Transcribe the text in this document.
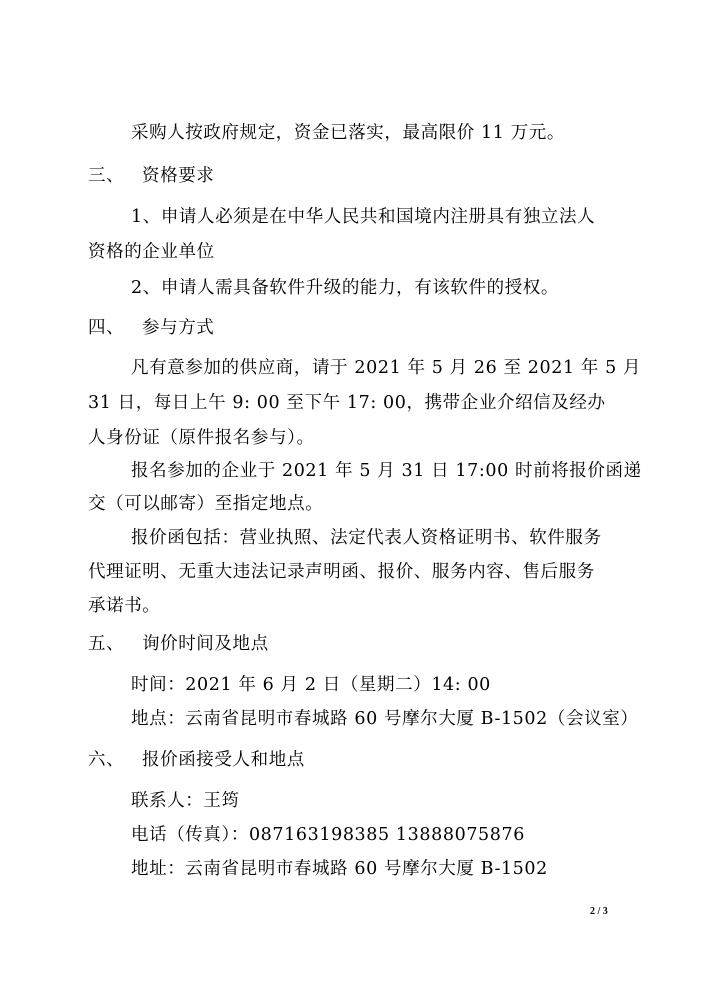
采购人按政府规定，资金已落实，最高限价 11 万元。
三、 资格要求
1、申请人必须是在中华人民共和国境内注册具有独立法人
资格的企业单位
2、申请人需具备软件升级的能力，有该软件的授权。
四、 参与方式
凡有意参加的供应商，请于 2021 年 5 月 26 至 2021 年 5 月
31 日，每日上午 9: 00 至下午 17: 00，携带企业介绍信及经办
人身份证（原件报名参与）。
报名参加的企业于 2021 年 5 月 31 日 17:00 时前将报价函递
交（可以邮寄）至指定地点。
报价函包括：营业执照、法定代表人资格证明书、软件服务
代理证明、无重大违法记录声明函、报价、服务内容、售后服务
承诺书。
五、 询价时间及地点
时间：2021 年 6 月 2 日（星期二）14: 00
地点：云南省昆明市春城路 60 号摩尔大厦 B-1502（会议室）
六、 报价函接受人和地点
联系人：王筠
电话（传真）：087163198385 13888075876
地址：云南省昆明市春城路 60 号摩尔大厦 B-1502
2 / 3
